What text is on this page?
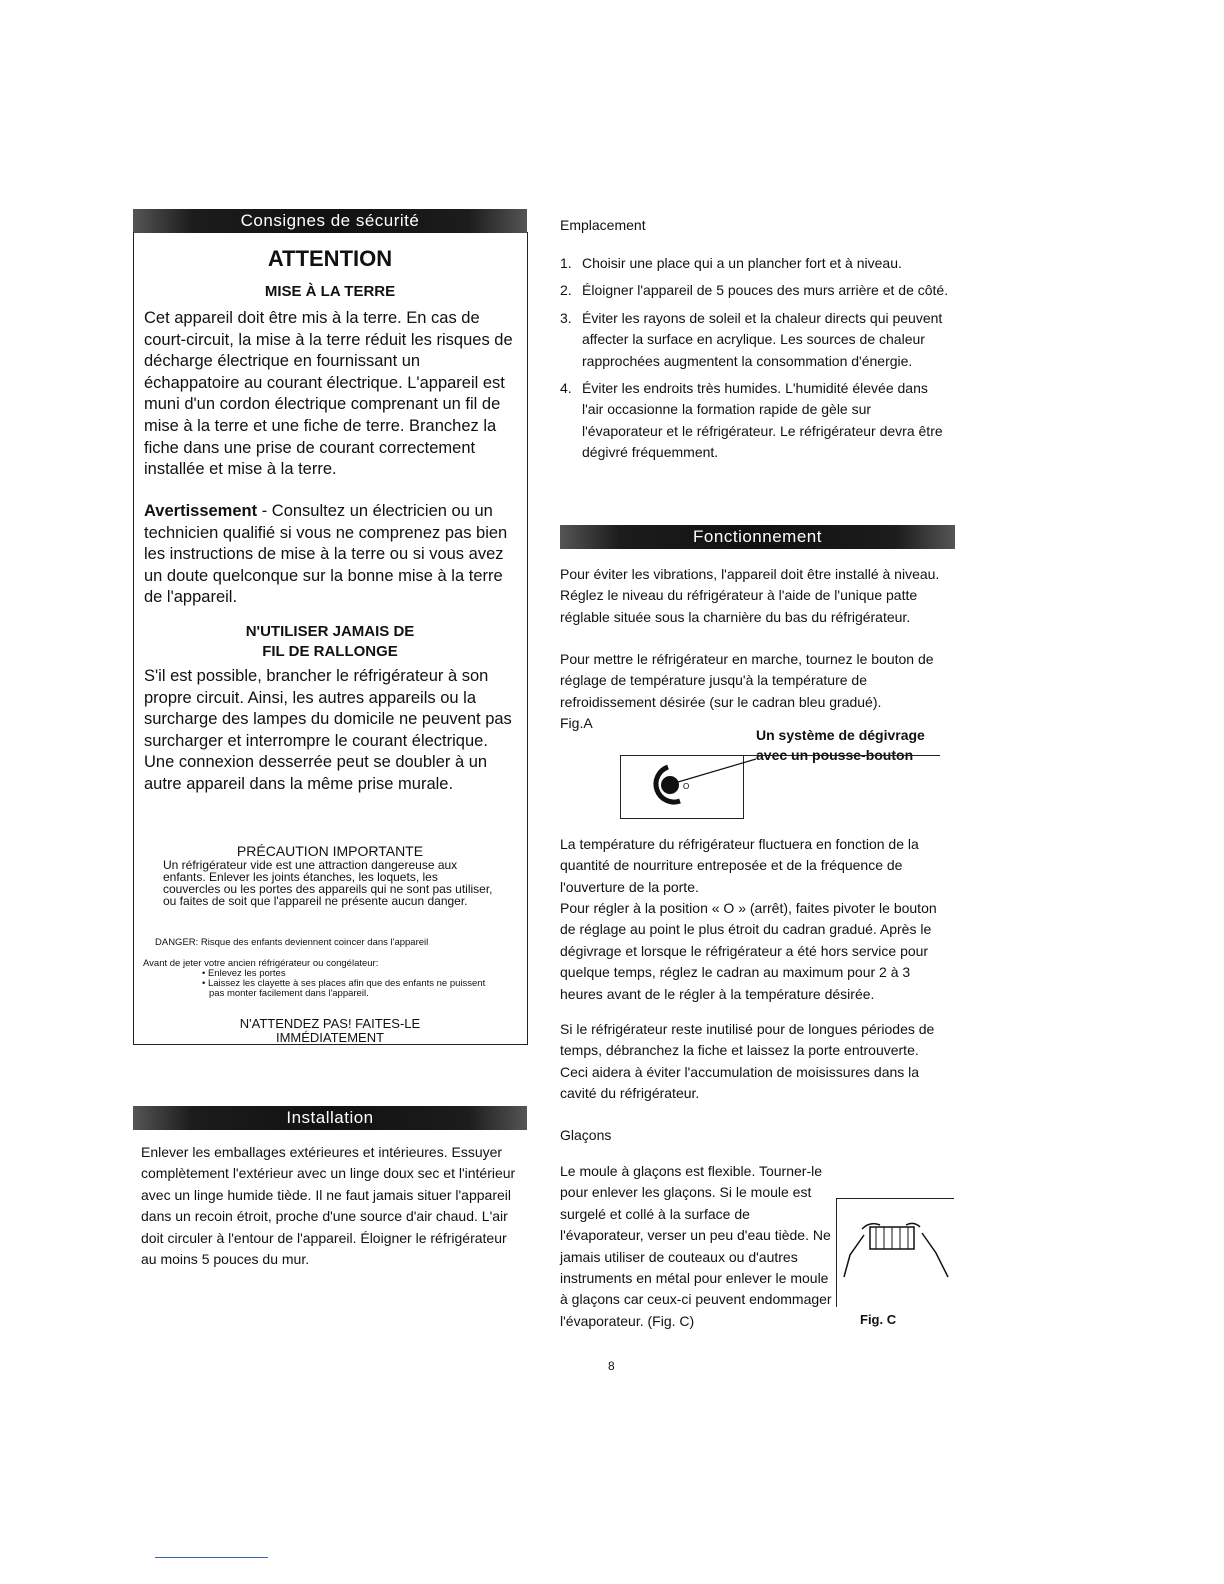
Consignes de sécurité
ATTENTION
MISE À LA TERRE

Cet appareil doit être mis à la terre. En cas de court-circuit, la mise à la terre réduit les risques de décharge électrique en fournissant un échappatoire au courant électrique. L'appareil est muni d'un cordon électrique comprenant un fil de mise à la terre et une fiche de terre. Branchez la fiche dans une prise de courant correctement installée et mise à la terre.

Avertissement - Consultez un électricien ou un technicien qualifié si vous ne comprenez pas bien les instructions de mise à la terre ou si vous avez un doute quelconque sur la bonne mise à la terre de l'appareil.

N'UTILISER JAMAIS DE
FIL DE RALLONGE

S'il est possible, brancher le réfrigérateur à son propre circuit. Ainsi, les autres appareils ou la surcharge des lampes du domicile ne peuvent pas surcharger et interrompre le courant électrique. Une connexion desserrée peut se doubler à un autre appareil dans la même prise murale.

PRÉCAUTION IMPORTANTE

Un réfrigérateur vide est une attraction dangereuse aux enfants. Enlever les joints étanches, les loquets, les couvercles ou les portes des appareils qui ne sont pas utiliser, ou faites de soit que l'appareil ne présente aucun danger.

DANGER: Risque des enfants deviennent coincer dans l'appareil

Avant de jeter votre ancien réfrigérateur ou congélateur:

• Enlevez les portes
• Laissez les clayette à ses places afin que des enfants ne puissent pas monter facilement dans l'appareil.
N'ATTENDEZ PAS! FAITES-LE
IMMÉDIATEMENT
Installation

Enlever les emballages extérieures et intérieures. Essuyer complètement l'extérieur avec un linge doux sec et l'intérieur avec un linge humide tiède. Il ne faut jamais situer l'appareil dans un recoin étroit, proche d'une source d'air chaud. L'air doit circuler à l'entour de l'appareil. Éloigner le réfrigérateur au moins 5 pouces du mur.

Emplacement
1. Choisir une place qui a un plancher fort et à niveau.
2. Éloigner l'appareil de 5 pouces des murs arrière et de côté.
3. Éviter les rayons de soleil et la chaleur directs qui peuvent affecter la surface en acrylique. Les sources de chaleur rapprochées augmentent la consommation d'énergie.
4. Éviter les endroits très humides. L'humidité élevée dans l'air occasionne la formation rapide de gèle sur l'évaporateur et le réfrigérateur. Le réfrigérateur devra être dégivré fréquemment.
Fonctionnement

Pour éviter les vibrations, l'appareil doit être installé à niveau. Réglez le niveau du réfrigérateur à l'aide de l'unique patte réglable située sous la charnière du bas du réfrigérateur.

Pour mettre le réfrigérateur en marche, tournez le bouton de réglage de température jusqu'à la température de refroidissement désirée (sur le cadran bleu gradué).

Fig.A
Un système de dégivrage
avec un pousse-bouton
O

La température du réfrigérateur fluctuera en fonction de la quantité de nourriture entreposée et de la fréquence de l'ouverture de la porte.

Pour régler à la position « O » (arrêt), faites pivoter le bouton de réglage au point le plus étroit du cadran gradué. Après le dégivrage et lorsque le réfrigérateur a été hors service pour quelque temps, réglez le cadran au maximum pour 2 à 3 heures avant de le régler à la température désirée.

Si le réfrigérateur reste inutilisé pour de longues périodes de temps, débranchez la fiche et laissez la porte entrouverte. Ceci aidera à éviter l'accumulation de moisissures dans la cavité du réfrigérateur.

Glaçons

Le moule à glaçons est flexible. Tourner-le pour enlever les glaçons. Si le moule est surgelé et collé à la surface de l'évaporateur, verser un peu d'eau tiède. Ne jamais utiliser de couteaux ou d'autres instruments en métal pour enlever le moule à glaçons car ceux-ci peuvent endommager l'évaporateur. (Fig. C)	Fig. C
8
